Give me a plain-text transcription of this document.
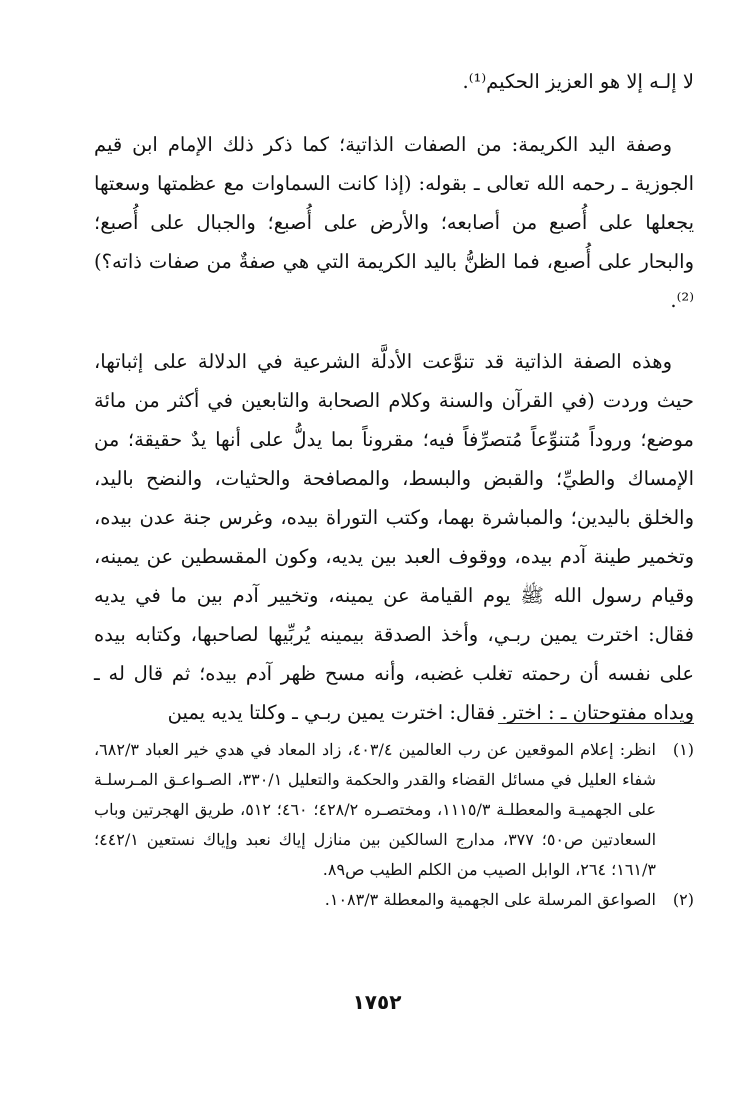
لا إلـه إلا هو العزيز الحكيم⁽¹⁾.

وصفة اليد الكريمة: من الصفات الذاتية؛ كما ذكر ذلك الإمام ابن قيم الجوزية ـ رحمه الله تعالى ـ بقوله: (إذا كانت السماوات مع عظمتها وسعتها يجعلها على أُصبع من أصابعه؛ والأرض على أُصبع؛ والجبال على أُصبع؛ والبحار على أُصبع، فما الظنُّ باليد الكريمة التي هي صفةٌ من صفات ذاته؟)⁽²⁾.

وهذه الصفة الذاتية قد تنوَّعت الأدلَّة الشرعية في الدلالة على إثباتها، حيث وردت (في القرآن والسنة وكلام الصحابة والتابعين في أكثر من مائة موضع؛ وروداً مُتنوِّعاً مُتصرِّفاً فيه؛ مقروناً بما يدلُّ على أنها يدٌ حقيقة؛ من الإمساك والطيِّ؛ والقبض والبسط، والمصافحة والحثيات، والنضح باليد، والخلق باليدين؛ والمباشرة بهما، وكتب التوراة بيده، وغرس جنة عدن بيده، وتخمير طينة آدم بيده، ووقوف العبد بين يديه، وكون المقسطين عن يمينه، وقيام رسول الله ﷺ يوم القيامة عن يمينه، وتخيير آدم بين ما في يديه فقال: اخترت يمين ربـي، وأخذ الصدقة بيمينه يُربِّيها لصاحبها، وكتابه بيده على نفسه أن رحمته تغلب غضبه، وأنه مسح ظهر آدم بيده؛ ثم قال له ـ ويداه مفتوحتان ـ : اختر. فقال: اخترت يمين ربـي ـ وكلتا يديه يمين

(١)
انظر: إعلام الموقعين عن رب العالمين ٤٠٣/٤، زاد المعاد في هدي خير العباد ٦٨٢/٣، شفاء العليل في مسائل القضاء والقدر والحكمة والتعليل ٣٣٠/١، الصـواعـق المـرسلـة على الجهميـة والمعطلـة ١١١٥/٣، ومختصـره ٤٢٨/٢؛ ٤٦٠؛ ٥١٢، طريق الهجرتين وباب السعادتين ص٥٠؛ ٣٧٧، مدارج السالكين بين منازل إياك نعبد وإياك نستعين ٤٤٢/١؛ ١٦١/٣؛ ٢٦٤، الوابل الصيب من الكلم الطيب ص٨٩.
(٢)
الصواعق المرسلة على الجهمية والمعطلة ١٠٨٣/٣.
١٧٥٢
